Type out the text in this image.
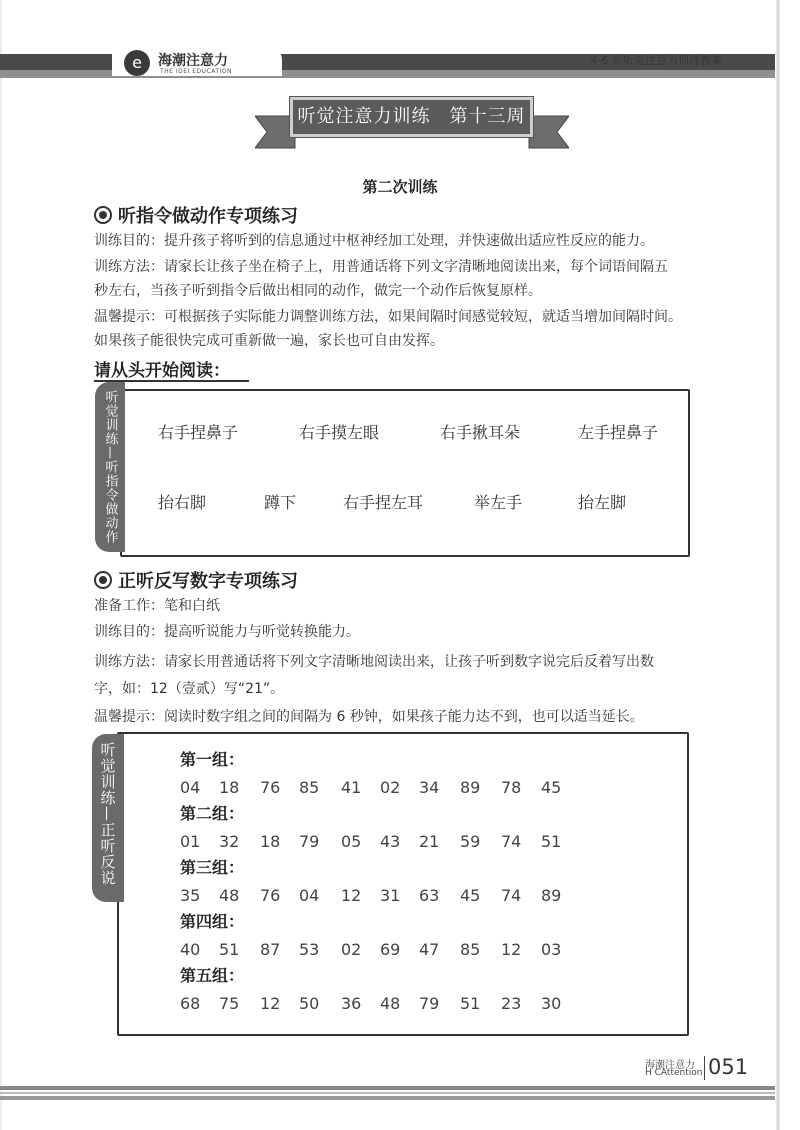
e	海潮注意力
THE IDEI EDUCATION
4-6 岁听觉注意力训练教案
听觉注意力训练　第十三周
第二次训练
听指令做动作专项练习
训练目的：提升孩子将听到的信息通过中枢神经加工处理，并快速做出适应性反应的能力。
训练方法：请家长让孩子坐在椅子上，用普通话将下列文字清晰地阅读出来，每个词语间隔五
秒左右，当孩子听到指令后做出相同的动作，做完一个动作后恢复原样。
温馨提示：可根据孩子实际能力调整训练方法，如果间隔时间感觉较短，就适当增加间隔时间。
如果孩子能很快完成可重新做一遍，家长也可自由发挥。
请从头开始阅读：
听觉训练—听指令做动作	右手捏鼻子	右手摸左眼	右手揪耳朵	左手捏鼻子
抬右脚	蹲下	右手捏左耳	举左手	抬左脚
正听反写数字专项练习
准备工作：笔和白纸
训练目的：提高听说能力与听觉转换能力。
训练方法：请家长用普通话将下列文字清晰地阅读出来，让孩子听到数字说完后反着写出数
字，如：12（壹贰）写“21”。
温馨提示：阅读时数字组之间的间隔为 6 秒钟，如果孩子能力达不到，也可以适当延长。
听觉训练—正听反说	第一组：
04 18 76 85 41 02 34 89 78 45
第二组：
01 32 18 79 05 43 21 59 74 51
第三组：
35 48 76 04 12 31 63 45 74 89
第四组：
40 51 87 53 02 69 47 85 12 03
第五组：
68 75 12 50 36 48 79 51 23 30
海潮注意力
H CAttention 051
